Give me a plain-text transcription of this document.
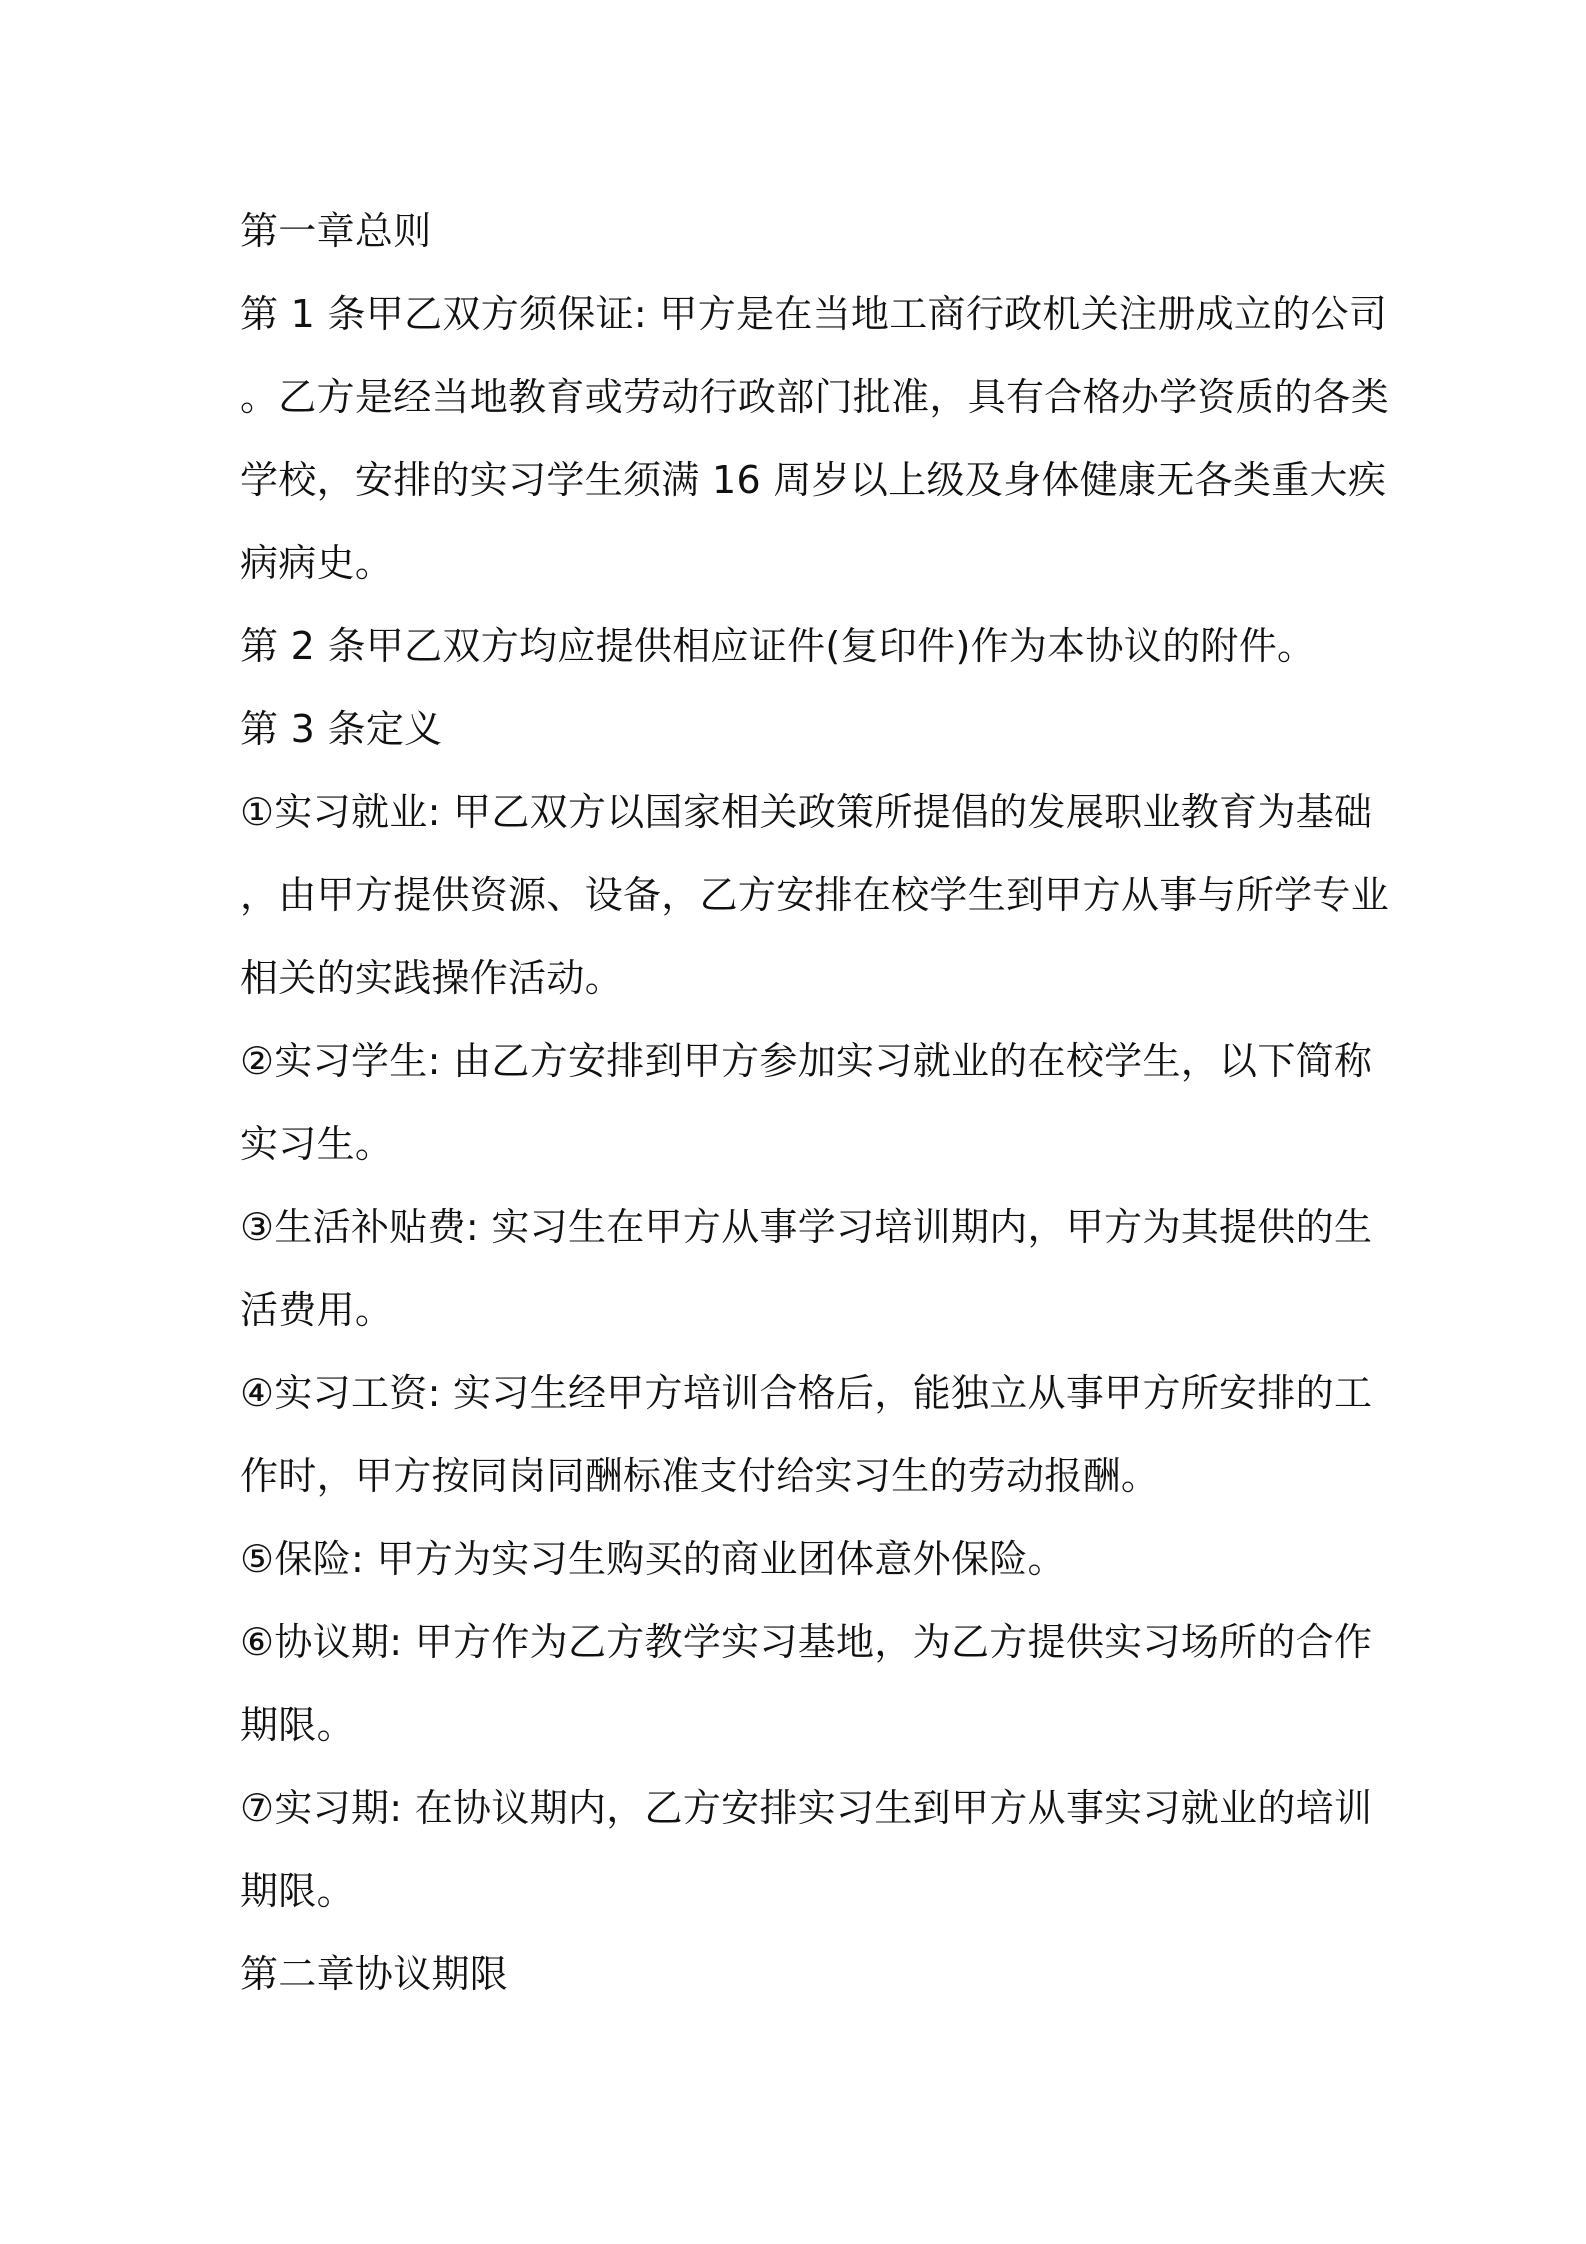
第一章总则
第 1 条甲乙双方须保证: 甲方是在当地工商行政机关注册成立的公司
。乙方是经当地教育或劳动行政部门批准，具有合格办学资质的各类
学校，安排的实习学生须满 16 周岁以上级及身体健康无各类重大疾
病病史。
第 2 条甲乙双方均应提供相应证件(复印件)作为本协议的附件。
第 3 条定义
①实习就业: 甲乙双方以国家相关政策所提倡的发展职业教育为基础
，由甲方提供资源、设备，乙方安排在校学生到甲方从事与所学专业
相关的实践操作活动。
②实习学生: 由乙方安排到甲方参加实习就业的在校学生，以下简称
实习生。
③生活补贴费: 实习生在甲方从事学习培训期内，甲方为其提供的生
活费用。
④实习工资: 实习生经甲方培训合格后，能独立从事甲方所安排的工
作时，甲方按同岗同酬标准支付给实习生的劳动报酬。
⑤保险: 甲方为实习生购买的商业团体意外保险。
⑥协议期: 甲方作为乙方教学实习基地，为乙方提供实习场所的合作
期限。
⑦实习期: 在协议期内，乙方安排实习生到甲方从事实习就业的培训
期限。
第二章协议期限
